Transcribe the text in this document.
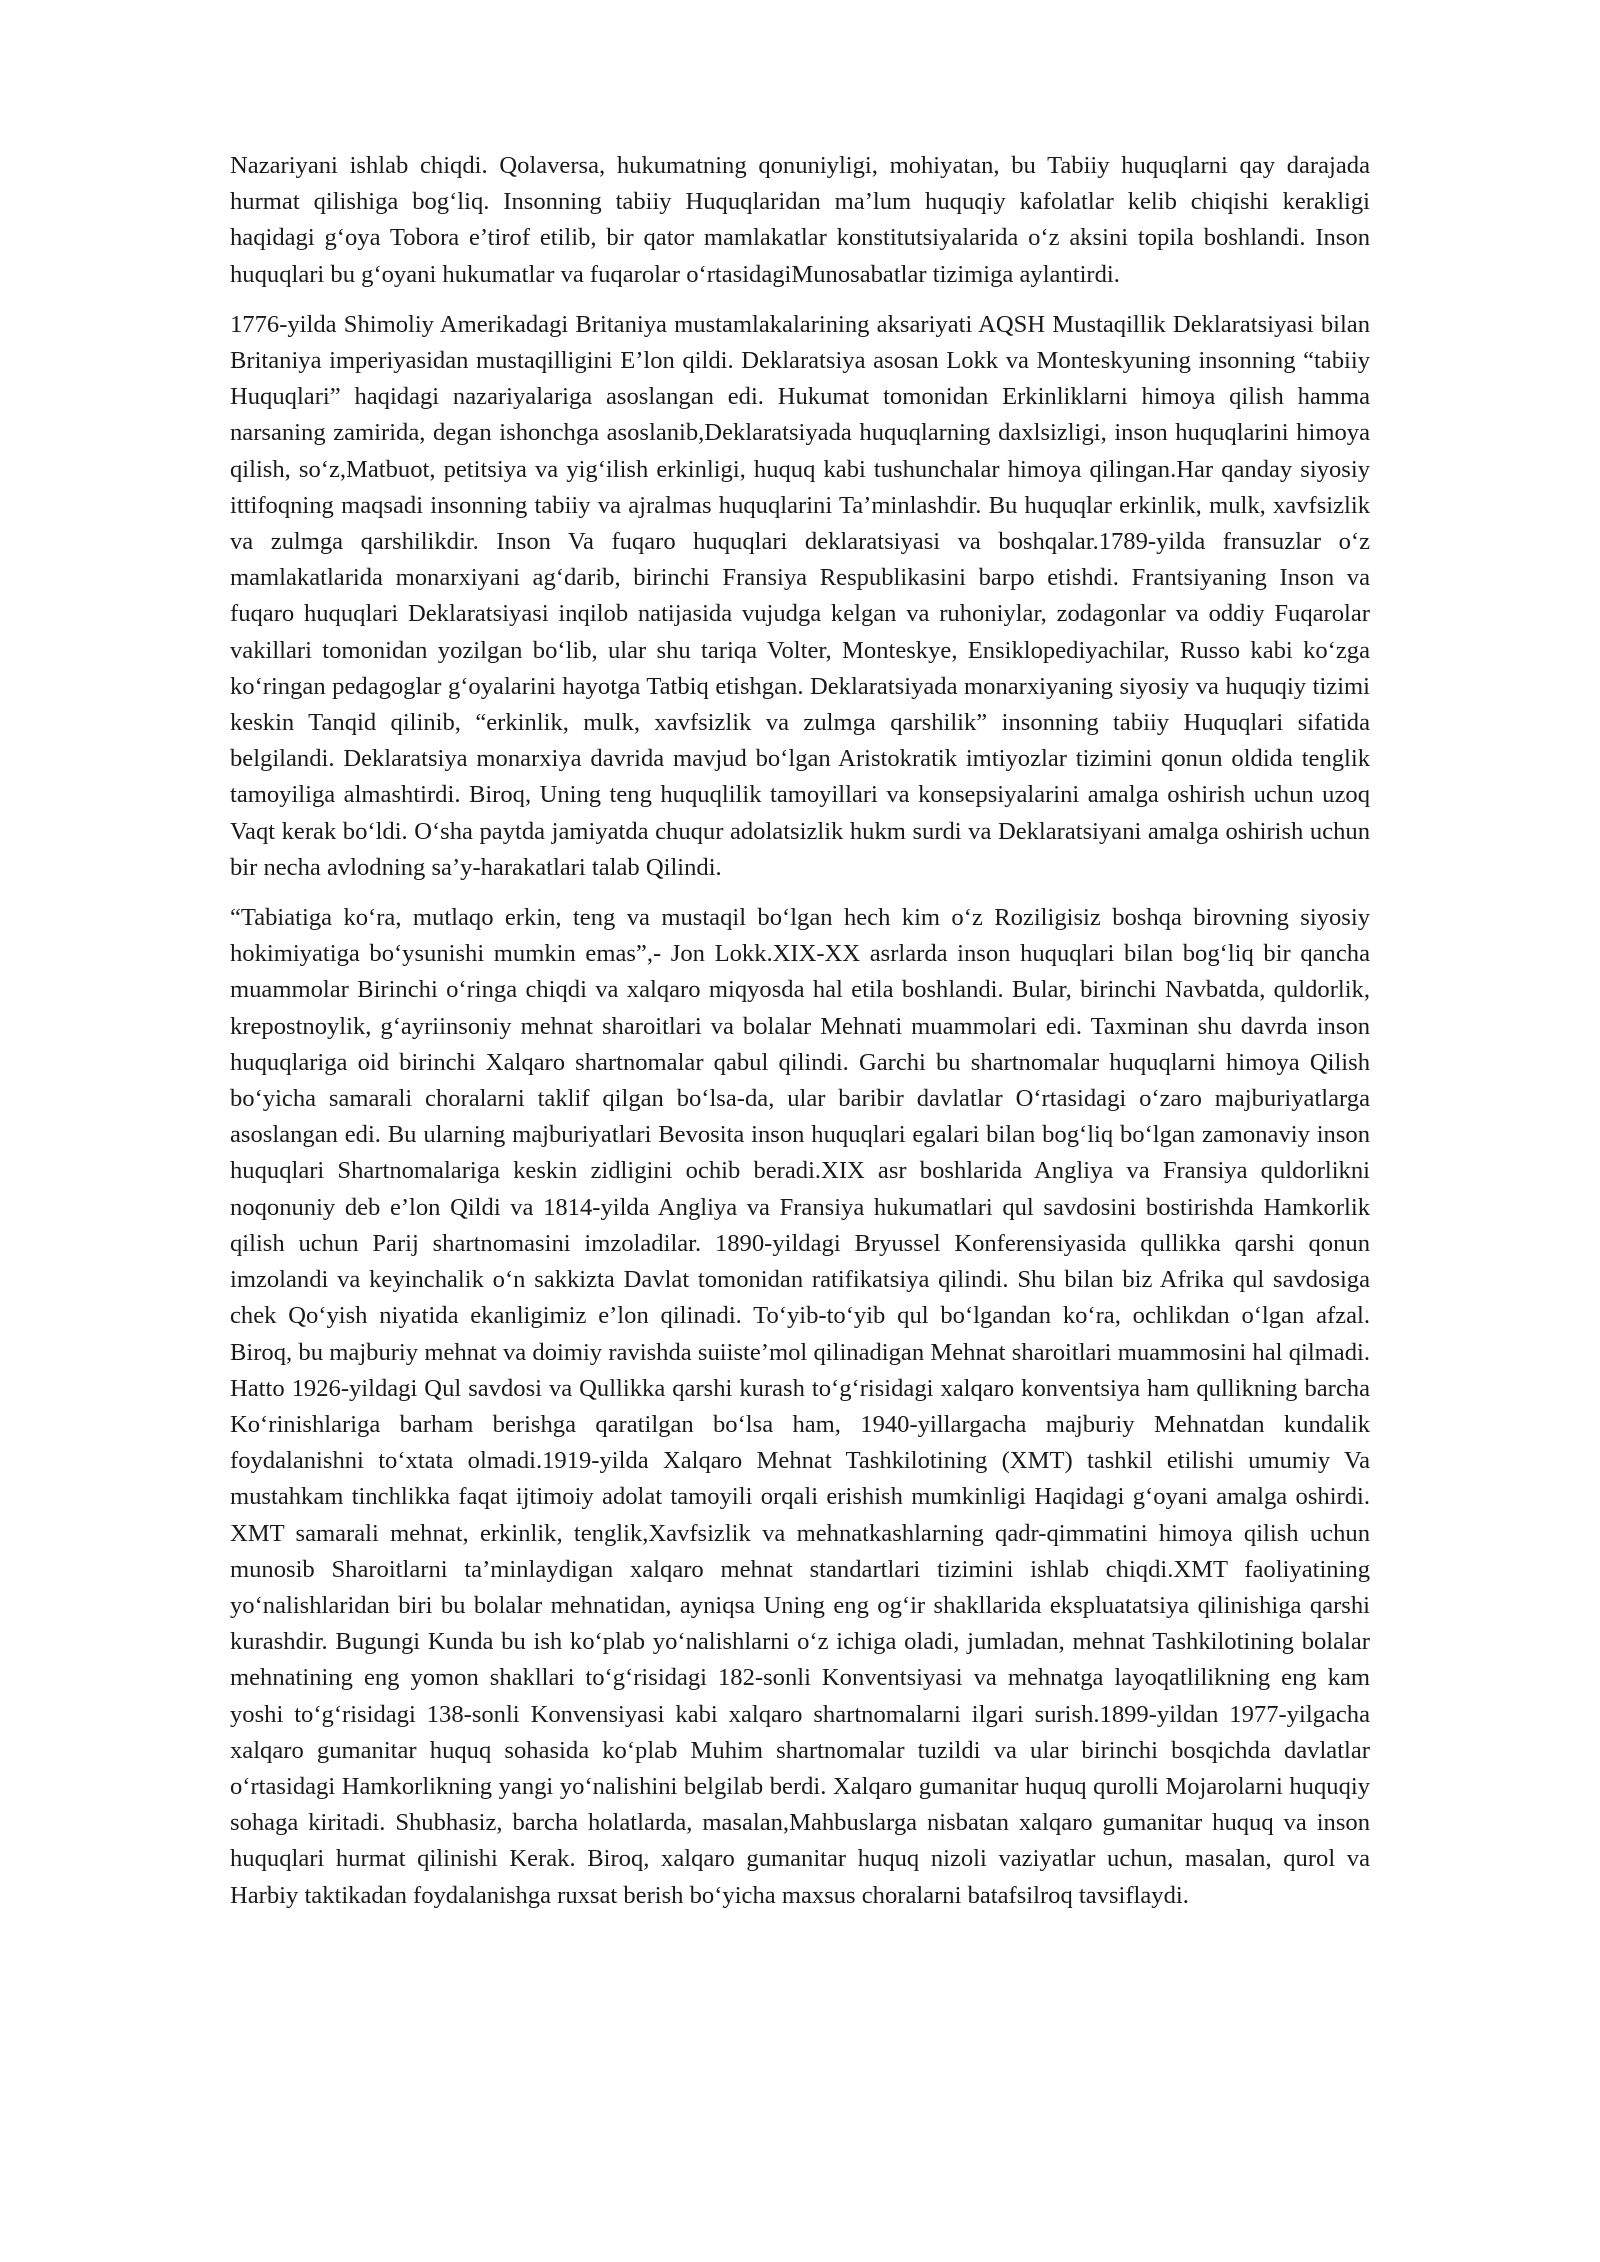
Nazariyani ishlab chiqdi. Qolaversa, hukumatning qonuniyligi, mohiyatan, bu Tabiiy huquqlarni qay darajada hurmat qilishiga bog‘liq. Insonning tabiiy Huquqlaridan ma’lum huquqiy kafolatlar kelib chiqishi kerakligi haqidagi g‘oya Tobora e’tirof etilib, bir qator mamlakatlar konstitutsiyalarida o‘z aksini topila boshlandi. Inson huquqlari bu g‘oyani hukumatlar va fuqarolar o‘rtasidagiMunosabatlar tizimiga aylantirdi.

1776-yilda Shimoliy Amerikadagi Britaniya mustamlakalarining aksariyati AQSH Mustaqillik Deklaratsiyasi bilan Britaniya imperiyasidan mustaqilligini E’lon qildi. Deklaratsiya asosan Lokk va Monteskyuning insonning “tabiiy Huquqlari” haqidagi nazariyalariga asoslangan edi. Hukumat tomonidan Erkinliklarni himoya qilish hamma narsaning zamirida, degan ishonchga asoslanib,Deklaratsiyada huquqlarning daxlsizligi, inson huquqlarini himoya qilish, so‘z,Matbuot, petitsiya va yig‘ilish erkinligi, huquq kabi tushunchalar himoya qilingan.Har qanday siyosiy ittifoqning maqsadi insonning tabiiy va ajralmas huquqlarini Ta’minlashdir. Bu huquqlar erkinlik, mulk, xavfsizlik va zulmga qarshilikdir. Inson Va fuqaro huquqlari deklaratsiyasi va boshqalar.1789-yilda fransuzlar o‘z mamlakatlarida monarxiyani ag‘darib, birinchi Fransiya Respublikasini barpo etishdi. Frantsiyaning Inson va fuqaro huquqlari Deklaratsiyasi inqilob natijasida vujudga kelgan va ruhoniylar, zodagonlar va oddiy Fuqarolar vakillari tomonidan yozilgan bo‘lib, ular shu tariqa Volter, Monteskye, Ensiklopediyachilar, Russo kabi ko‘zga ko‘ringan pedagoglar g‘oyalarini hayotga Tatbiq etishgan. Deklaratsiyada monarxiyaning siyosiy va huquqiy tizimi keskin Tanqid qilinib, “erkinlik, mulk, xavfsizlik va zulmga qarshilik” insonning tabiiy Huquqlari sifatida belgilandi. Deklaratsiya monarxiya davrida mavjud bo‘lgan Aristokratik imtiyozlar tizimini qonun oldida tenglik tamoyiliga almashtirdi. Biroq, Uning teng huquqlilik tamoyillari va konsepsiyalarini amalga oshirish uchun uzoq Vaqt kerak bo‘ldi. O‘sha paytda jamiyatda chuqur adolatsizlik hukm surdi va Deklaratsiyani amalga oshirish uchun bir necha avlodning sa’y-harakatlari talab Qilindi.

“Tabiatiga ko‘ra, mutlaqo erkin, teng va mustaqil bo‘lgan hech kim o‘z Roziligisiz boshqa birovning siyosiy hokimiyatiga bo‘ysunishi mumkin emas”,- Jon Lokk.XIX-XX asrlarda inson huquqlari bilan bog‘liq bir qancha muammolar Birinchi o‘ringa chiqdi va xalqaro miqyosda hal etila boshlandi. Bular, birinchi Navbatda, quldorlik, krepostnoylik, g‘ayriinsoniy mehnat sharoitlari va bolalar Mehnati muammolari edi. Taxminan shu davrda inson huquqlariga oid birinchi Xalqaro shartnomalar qabul qilindi. Garchi bu shartnomalar huquqlarni himoya Qilish bo‘yicha samarali choralarni taklif qilgan bo‘lsa-da, ular baribir davlatlar O‘rtasidagi o‘zaro majburiyatlarga asoslangan edi. Bu ularning majburiyatlari Bevosita inson huquqlari egalari bilan bog‘liq bo‘lgan zamonaviy inson huquqlari Shartnomalariga keskin zidligini ochib beradi.XIX asr boshlarida Angliya va Fransiya quldorlikni noqonuniy deb e’lon Qildi va 1814-yilda Angliya va Fransiya hukumatlari qul savdosini bostirishda Hamkorlik qilish uchun Parij shartnomasini imzoladilar. 1890-yildagi Bryussel Konferensiyasida qullikka qarshi qonun imzolandi va keyinchalik o‘n sakkizta Davlat tomonidan ratifikatsiya qilindi. Shu bilan biz Afrika qul savdosiga chek Qo‘yish niyatida ekanligimiz e’lon qilinadi. To‘yib-to‘yib qul bo‘lgandan ko‘ra, ochlikdan o‘lgan afzal. Biroq, bu majburiy mehnat va doimiy ravishda suiiste’mol qilinadigan Mehnat sharoitlari muammosini hal qilmadi. Hatto 1926-yildagi Qul savdosi va Qullikka qarshi kurash to‘g‘risidagi xalqaro konventsiya ham qullikning barcha Ko‘rinishlariga barham berishga qaratilgan bo‘lsa ham, 1940-yillargacha majburiy Mehnatdan kundalik foydalanishni to‘xtata olmadi.1919-yilda Xalqaro Mehnat Tashkilotining (XMT) tashkil etilishi umumiy Va mustahkam tinchlikka faqat ijtimoiy adolat tamoyili orqali erishish mumkinligi Haqidagi g‘oyani amalga oshirdi. XMT samarali mehnat, erkinlik, tenglik,Xavfsizlik va mehnatkashlarning qadr-qimmatini himoya qilish uchun munosib Sharoitlarni ta’minlaydigan xalqaro mehnat standartlari tizimini ishlab chiqdi.XMT faoliyatining yo‘nalishlaridan biri bu bolalar mehnatidan, ayniqsa Uning eng og‘ir shakllarida ekspluatatsiya qilinishiga qarshi kurashdir. Bugungi Kunda bu ish ko‘plab yo‘nalishlarni o‘z ichiga oladi, jumladan, mehnat Tashkilotining bolalar mehnatining eng yomon shakllari to‘g‘risidagi 182-sonli Konventsiyasi va mehnatga layoqatlilikning eng kam yoshi to‘g‘risidagi 138-sonli Konvensiyasi kabi xalqaro shartnomalarni ilgari surish.1899-yildan 1977-yilgacha xalqaro gumanitar huquq sohasida ko‘plab Muhim shartnomalar tuzildi va ular birinchi bosqichda davlatlar o‘rtasidagi Hamkorlikning yangi yo‘nalishini belgilab berdi. Xalqaro gumanitar huquq qurolli Mojarolarni huquqiy sohaga kiritadi. Shubhasiz, barcha holatlarda, masalan,Mahbuslarga nisbatan xalqaro gumanitar huquq va inson huquqlari hurmat qilinishi Kerak. Biroq, xalqaro gumanitar huquq nizoli vaziyatlar uchun, masalan, qurol va Harbiy taktikadan foydalanishga ruxsat berish bo‘yicha maxsus choralarni batafsilroq tavsiflaydi.
